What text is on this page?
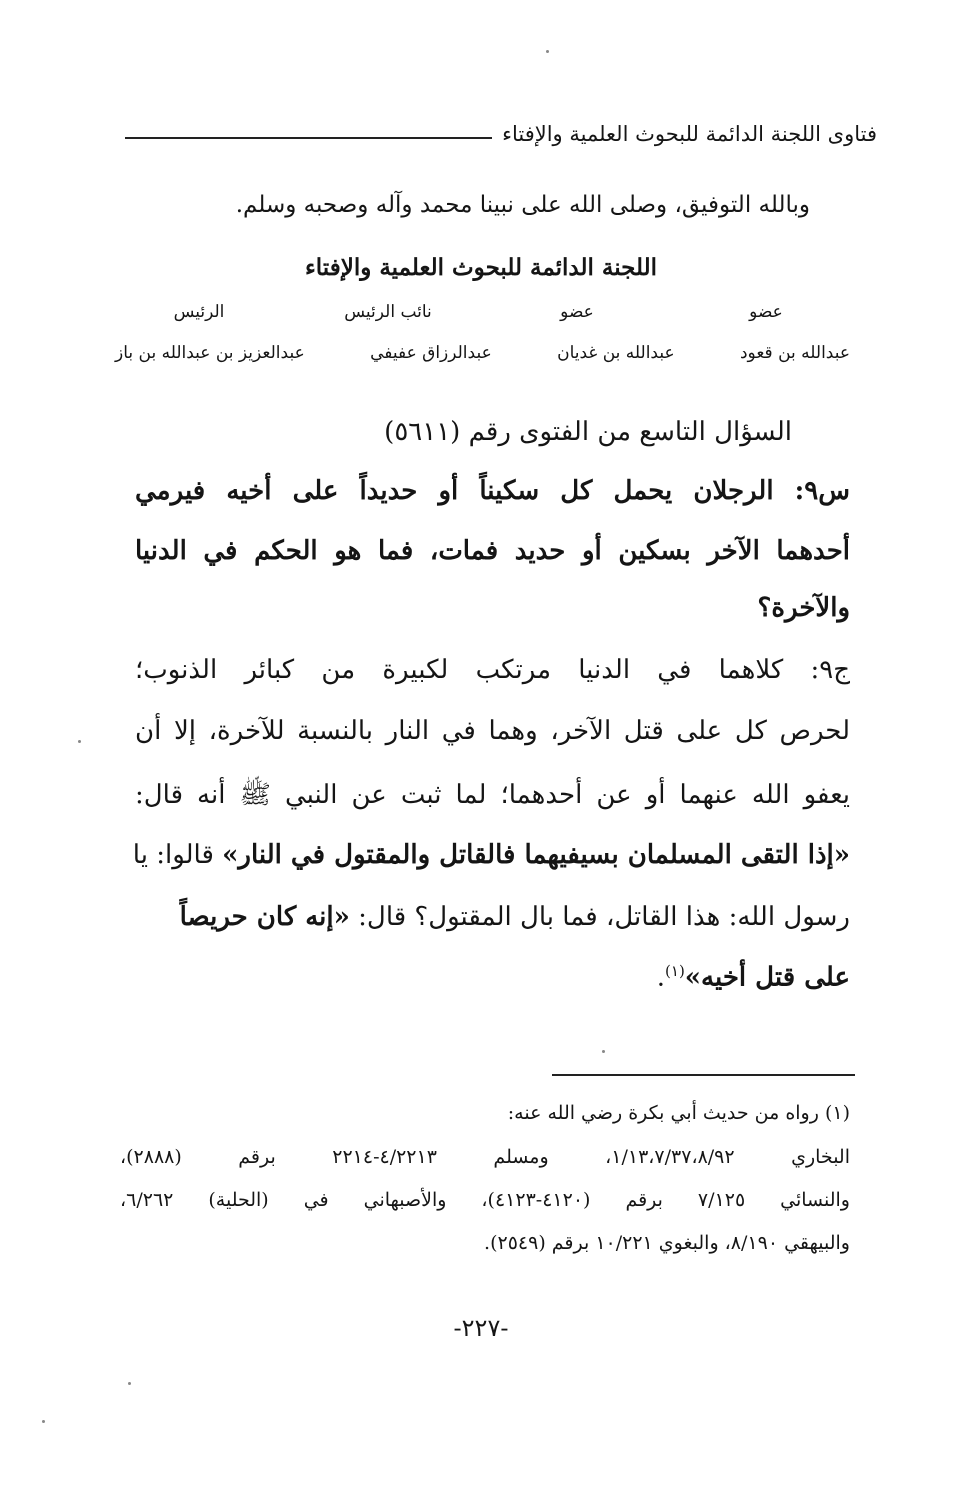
فتاوى اللجنة الدائمة للبحوث العلمية والإفتاء
وبالله التوفيق، وصلى الله على نبينا محمد وآله وصحبه وسلم.
اللجنة الدائمة للبحوث العلمية والإفتاء
عضو
عضو
نائب الرئيس
الرئيس
عبدالله بن قعود
عبدالله بن غديان
عبدالرزاق عفيفي
عبدالعزيز بن عبدالله بن باز
السؤال التاسع من الفتوى رقم (٥٦١١)
س٩: الرجلان يحمل كل سكيناً أو حديداً على أخيه فيرمي
أحدهما الآخر بسكين أو حديد فمات، فما هو الحكم في الدنيا
والآخرة؟
ج٩: كلاهما في الدنيا مرتكب لكبيرة من كبائر الذنوب؛
لحرص كل على قتل الآخر، وهما في النار بالنسبة للآخرة، إلا أن
يعفو الله عنهما أو عن أحدهما؛ لما ثبت عن النبي ﷺ أنه قال:
«إذا التقى المسلمان بسيفيهما فالقاتل والمقتول في النار» قالوا: يا
رسول الله: هذا القاتل، فما بال المقتول؟ قال: «إنه كان حريصاً
على قتل أخيه»$^{(١)}$.
(١) رواه من حديث أبي بكرة رضي الله عنه:
البخاري ١/١٣،٧/٣٧،٨/٩٢، ومسلم ٤/٢٢١٣-٢٢١٤ برقم (٢٨٨٨)،
والنسائي ٧/١٢٥ برقم (٤١٢٠-٤١٢٣)، والأصبهاني في (الحلية) ٦/٢٦٢،
والبيهقي ٨/١٩٠، والبغوي ١٠/٢٢١ برقم (٢٥٤٩).
-٢٢٧-
